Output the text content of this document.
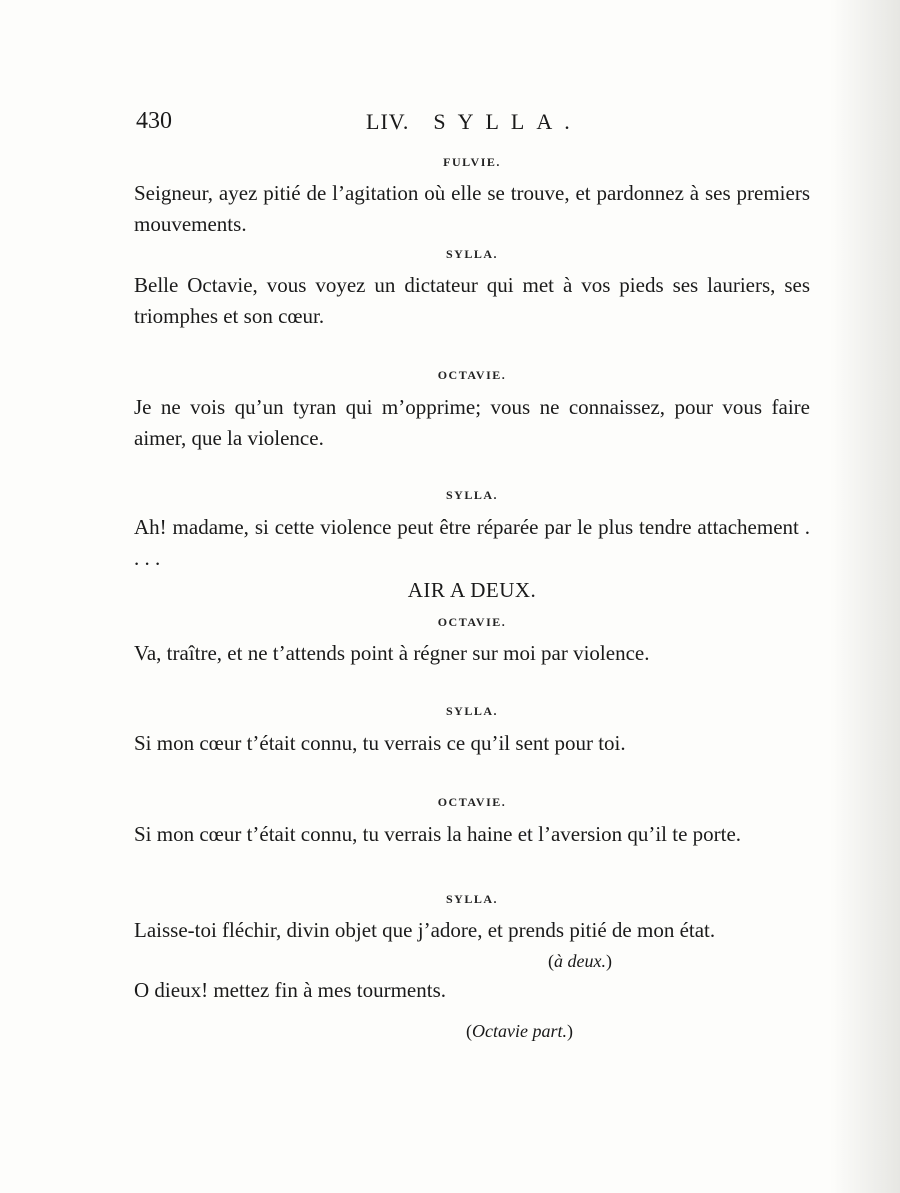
430	LIV. SYLLA.
FULVIE.
Seigneur, ayez pitié de l’agitation où elle se trouve, et pardonnez à ses premiers mouvements.
SYLLA.
Belle Octavie, vous voyez un dictateur qui met à vos pieds ses lauriers, ses triomphes et son cœur.
OCTAVIE.
Je ne vois qu’un tyran qui m’opprime; vous ne connaissez, pour vous faire aimer, que la violence.
SYLLA.
Ah! madame, si cette violence peut être réparée par le plus tendre attachement . . . .
AIR A DEUX.
OCTAVIE.
Va, traître, et ne t’attends point à régner sur moi par violence.
SYLLA.
Si mon cœur t’était connu, tu verrais ce qu’il sent pour toi.
OCTAVIE.
Si mon cœur t’était connu, tu verrais la haine et l’aversion qu’il te porte.
SYLLA.
Laisse-toi fléchir, divin objet que j’adore, et prends pitié de mon état.
(à deux.)
O dieux! mettez fin à mes tourments.
(Octavie part.)
